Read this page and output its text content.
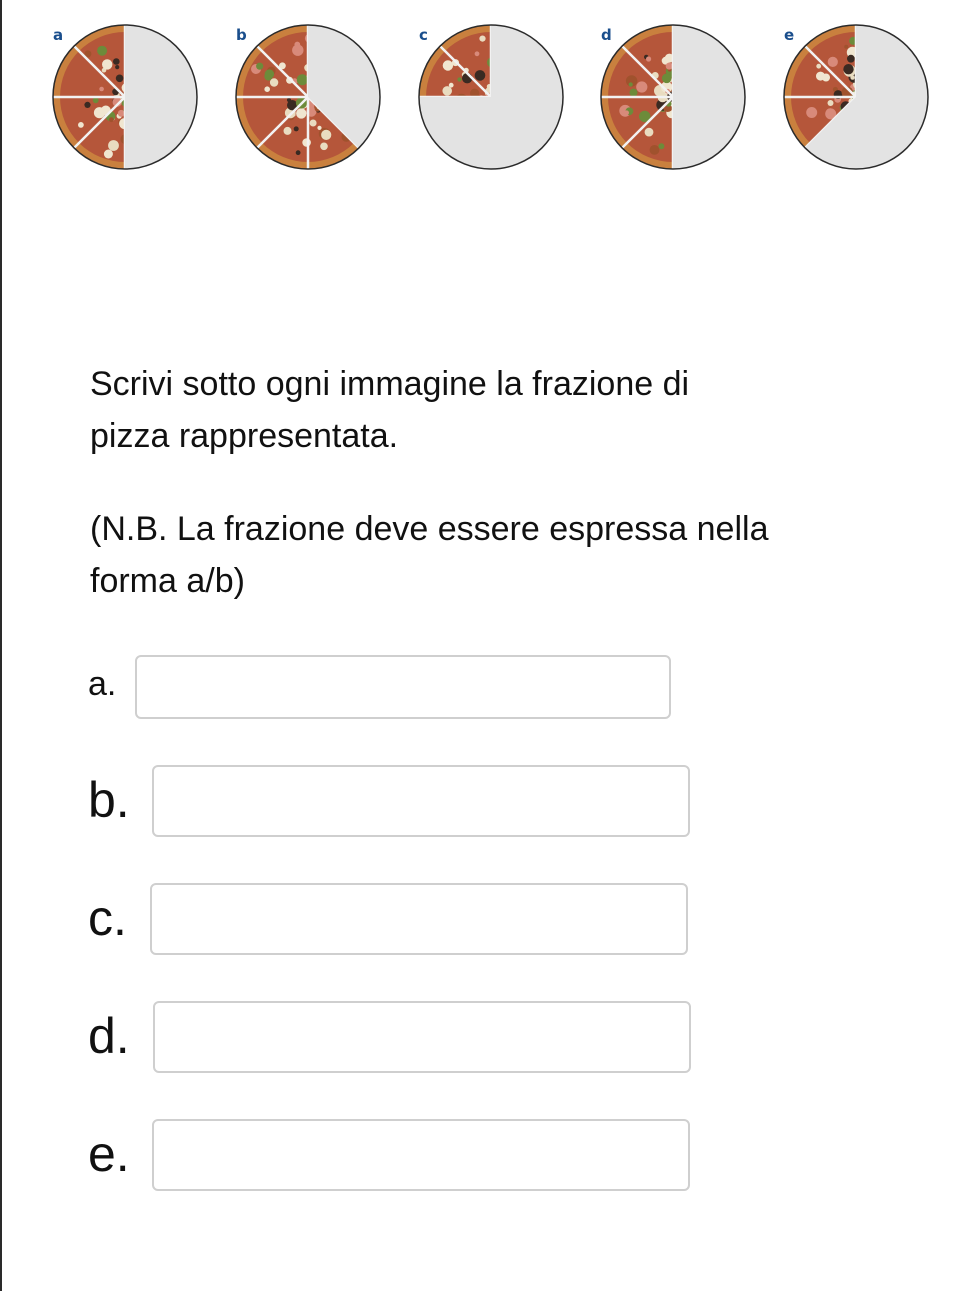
a	b	c	d	e

Scrivi sotto ogni immagine la frazione di
pizza rappresentata.

(N.B. La frazione deve essere espressa nella
forma a/b)

a.
b.
c.
d.
e.
